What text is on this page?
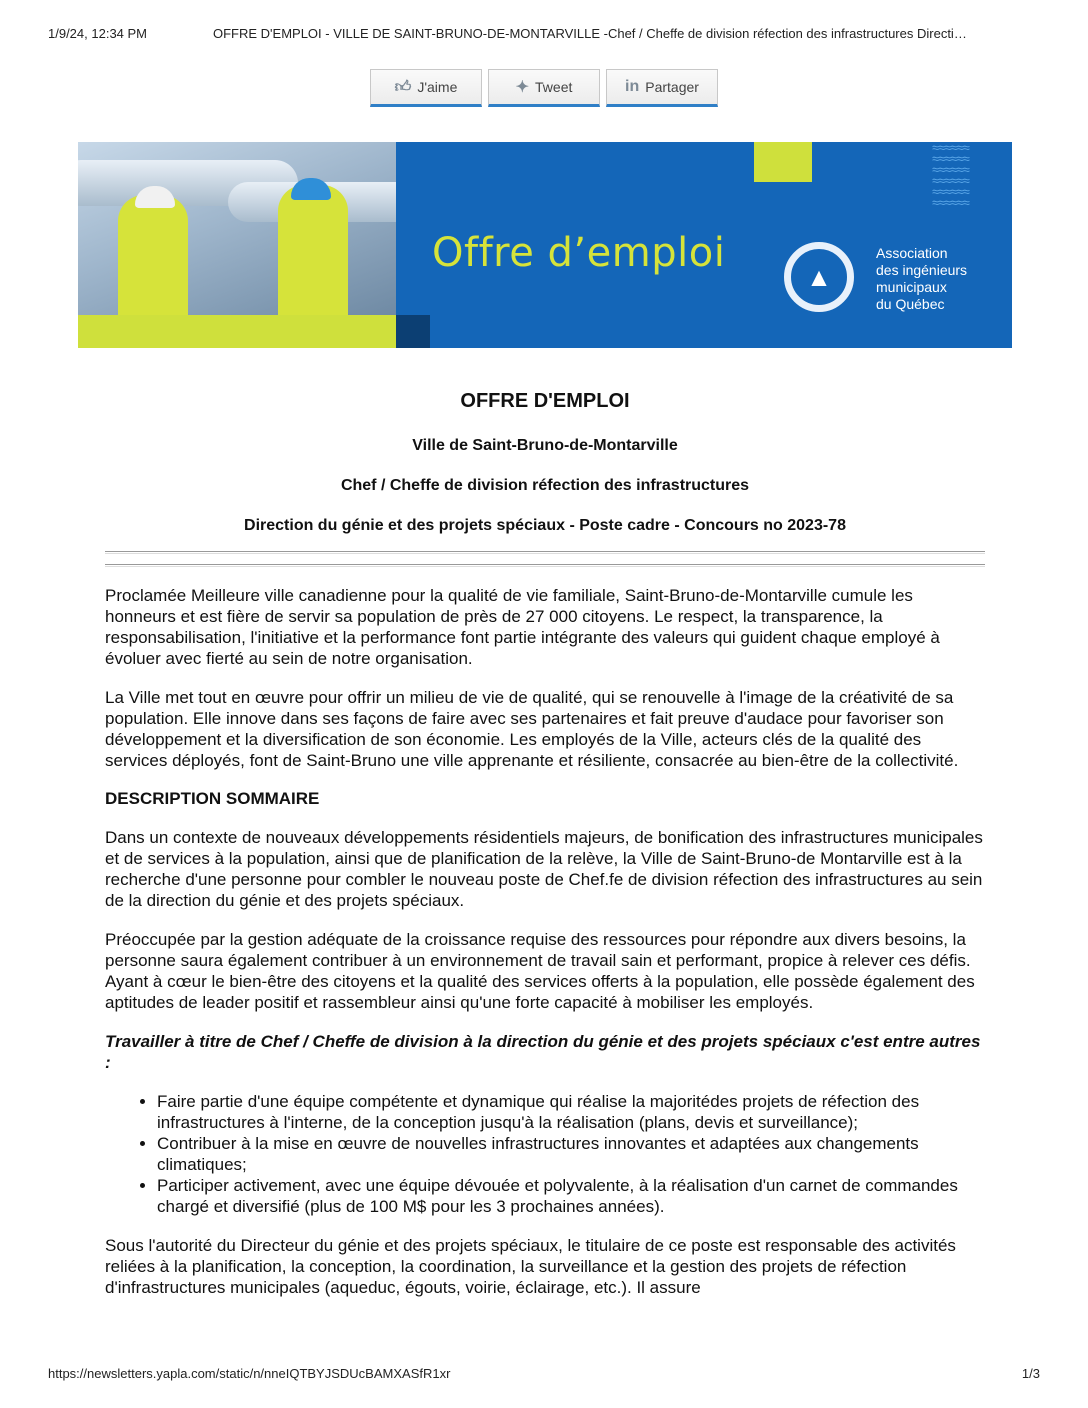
1/9/24, 12:34 PM	OFFRE D'EMPLOI - VILLE DE SAINT-BRUNO-DE-MONTARVILLE -Chef / Cheffe de division réfection des infrastructures Directi…
👍︎ J'aime	✦ Tweet	in Partager
≈≈≈≈≈≈
≈≈≈≈≈≈
≈≈≈≈≈≈
≈≈≈≈≈≈
≈≈≈≈≈≈
≈≈≈≈≈≈
Offre d’emploi
▲
Association
des ingénieurs
municipaux
du Québec
OFFRE D'EMPLOI
Ville de Saint-Bruno-de-Montarville
Chef / Cheffe de division réfection des infrastructures
Direction du génie et des projets spéciaux - Poste cadre - Concours no 2023-78

Proclamée Meilleure ville canadienne pour la qualité de vie familiale, Saint-Bruno-de-Montarville cumule les honneurs et est fière de servir sa population de près de 27 000 citoyens. Le respect, la transparence, la responsabilisation, l'initiative et la performance font partie intégrante des valeurs qui guident chaque employé à évoluer avec fierté au sein de notre organisation.

La Ville met tout en œuvre pour offrir un milieu de vie de qualité, qui se renouvelle à l'image de la créativité de sa population. Elle innove dans ses façons de faire avec ses partenaires et fait preuve d'audace pour favoriser son développement et la diversification de son économie. Les employés de la Ville, acteurs clés de la qualité des services déployés, font de Saint-Bruno une ville apprenante et résiliente, consacrée au bien-être de la collectivité.

DESCRIPTION SOMMAIRE

Dans un contexte de nouveaux développements résidentiels majeurs, de bonification des infrastructures municipales et de services à la population, ainsi que de planification de la relève, la Ville de Saint-Bruno-de Montarville est à la recherche d'une personne pour combler le nouveau poste de Chef.fe de division réfection des infrastructures au sein de la direction du génie et des projets spéciaux.

Préoccupée par la gestion adéquate de la croissance requise des ressources pour répondre aux divers besoins, la personne saura également contribuer à un environnement de travail sain et performant, propice à relever ces défis. Ayant à cœur le bien-être des citoyens et la qualité des services offerts à la population, elle possède également des aptitudes de leader positif et rassembleur ainsi qu'une forte capacité à mobiliser les employés.

Travailler à titre de Chef / Cheffe de division à la direction du génie et des projets spéciaux c'est entre autres :
• Faire partie d'une équipe compétente et dynamique qui réalise la majoritédes projets de réfection des infrastructures à l'interne, de la conception jusqu'à la réalisation (plans, devis et surveillance);
• Contribuer à la mise en œuvre de nouvelles infrastructures innovantes et adaptées aux changements climatiques;
• Participer activement, avec une équipe dévouée et polyvalente, à la réalisation d'un carnet de commandes chargé et diversifié (plus de 100 M$ pour les 3 prochaines années).

Sous l'autorité du Directeur du génie et des projets spéciaux, le titulaire de ce poste est responsable des activités reliées à la planification, la conception, la coordination, la surveillance et la gestion des projets de réfection d'infrastructures municipales (aqueduc, égouts, voirie, éclairage, etc.). Il assure

https://newsletters.yapla.com/static/n/nneIQTBYJSDUcBAMXASfR1xr	1/3
